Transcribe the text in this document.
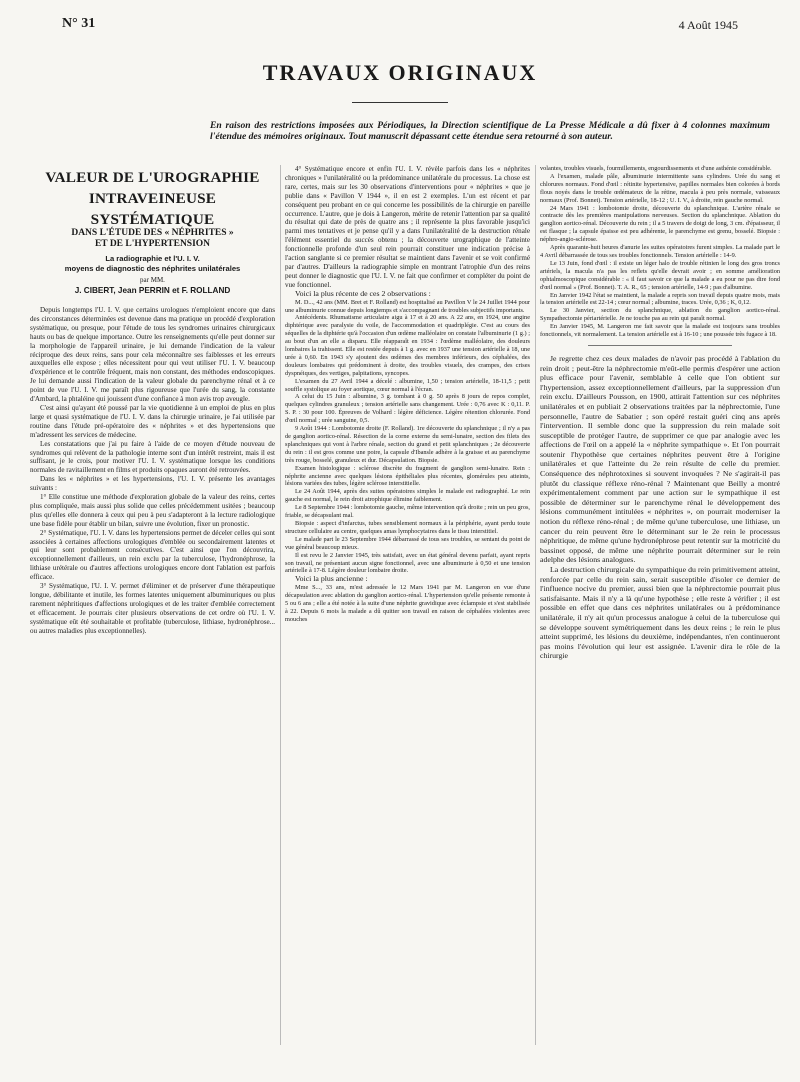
N° 31	4 Août 1945
TRAVAUX ORIGINAUX
En raison des restrictions imposées aux Périodiques, la Direction scientifique de La Presse Médicale a dû fixer à 4 colonnes maximum l'étendue des mémoires originaux. Tout manuscrit dépassant cette étendue sera retourné à son auteur.
VALEUR DE L'UROGRAPHIE
INTRAVEINEUSE
SYSTÉMATIQUE
DANS L'ÉTUDE DES « NÉPHRITES »
ET DE L'HYPERTENSION
La radiographie et l'U. I. V.
moyens de diagnostic des néphrites unilatérales
par MM.
J. CIBERT, Jean PERRIN et F. ROLLAND

Depuis longtemps l'U. I. V. que certains urologues n'emploient encore que dans des circonstances déterminées est devenue dans ma pratique un procédé d'exploration systématique, ou presque, pour l'étude de tous les syndromes urinaires chirurgicaux hauts ou bas de quelque importance. Outre les renseignements qu'elle peut donner sur la morphologie de l'appareil urinaire, je lui demande l'indication de la valeur réciproque des deux reins, sans pour cela méconnaître ses faiblesses et les erreurs auxquelles elle expose ; elles nécessitent pour qui veut utiliser l'U. I. V. beaucoup d'expérience et le contrôle fréquent, mais non constant, des méthodes endoscopiques. Je lui demande aussi l'indication de la valeur globale du parenchyme rénal et à ce point de vue l'U. I. V. me paraît plus rigoureuse que l'urée du sang, la constante d'Ambard, la phtaléine qui jouissent d'une confiance à mon avis trop aveugle.

C'est ainsi qu'ayant été poussé par la vie quotidienne à un emploi de plus en plus large et quasi systématique de l'U. I. V. dans la chirurgie urinaire, je l'ai utilisée par routine dans l'étude pré-opératoire des « néphrites » et des hypertensions que m'adressent les services de médecine.

Les constatations que j'ai pu faire à l'aide de ce moyen d'étude nouveau de syndromes qui relèvent de la pathologie interne sont d'un intérêt restreint, mais il est suffisant, je le crois, pour motiver l'U. I. V. systématique lorsque les conditions normales de ravitaillement en films et produits opaques auront été retrouvées.

Dans les « néphrites » et les hypertensions, l'U. I. V. présente les avantages suivants :

1° Elle constitue une méthode d'exploration globale de la valeur des reins, certes plus compliquée, mais aussi plus solide que celles précédemment usitées ; beaucoup plus qu'elles elle donnera à ceux qui peu à peu s'adapteront à la lecture radiologique une base fidèle pour établir un bilan, suivre une évolution, fixer un pronostic.

2° Systématique, l'U. I. V. dans les hypertensions permet de déceler celles qui sont associées à certaines affections urologiques d'emblée ou secondairement latentes et qui leur sont probablement consécutives. C'est ainsi que l'on découvrira, exceptionnellement d'ailleurs, un rein exclu par la tuberculose, l'hydronéphrose, la lithiase urétérale ou d'autres affections urologiques encore dont l'ablation est parfois efficace.

3° Systématique, l'U. I. V. permet d'éliminer et de préserver d'une thérapeutique longue, débilitante et inutile, les formes latentes uniquement albuminuriques ou plus rarement néphritiques d'affections urologiques et de les traiter d'emblée correctement et efficacement. Je pourrais citer plusieurs observations de cet ordre où l'U. I. V. systématique eût été souhaitable et profitable (tuberculose, lithiase, hydronéphrose... ou autres maladies plus exceptionnelles).

4° Systématique encore et enfin l'U. I. V. révèle parfois dans les « néphrites chroniques » l'unilatéralité ou la prédominance unilatérale du processus. La chose est rare, certes, mais sur les 30 observations d'interventions pour « néphrites » que je publie dans « Pavillon V 1944 », il en est 2 exemples. L'un est récent et par conséquent peu probant en ce qui concerne les possibilités de la chirurgie en pareille occurrence. L'autre, que je dois à Langeron, mérite de retenir l'attention par sa qualité du résultat qui date de près de quatre ans ; il représente la plus favorable jusqu'ici parmi mes tentatives et je pense qu'il y a dans l'unilatéralité de la destruction rénale l'élément essentiel du succès obtenu ; la découverte urographique de l'atteinte fonctionnelle profonde d'un seul rein pourrait constituer une indication précise à l'action sanglante si ce premier résultat se maintient dans l'avenir et se voit confirmé par d'autres. D'ailleurs la radiographie simple en montrant l'atrophie d'un des reins peut donner le diagnostic que l'U. I. V. ne fait que confirmer et compléter du point de vue fonctionnel.

Voici la plus récente de ces 2 observations :

M. D..., 42 ans (MM. Bret et F. Rolland) est hospitalisé au Pavillon V le 24 Juillet 1944 pour une albuminurie connue depuis longtemps et s'accompagnant de troubles subjectifs importants.

Antécédents. Rhumatisme articulaire aigu à 17 et à 20 ans. A 22 ans, en 1924, une angine diphtérique avec paralysie du voile, de l'accommodation et quadriplégie. C'est au cours des séquelles de la diphtérie qu'à l'occasion d'un œdème malléolaire on constate l'albuminurie (1 g.) ; au bout d'un an elle a disparu. Elle réapparaît en 1934 : l'œdème malléolaire, des douleurs lombaires la trahissent. Elle est restée depuis à 1 g. avec en 1937 une tension artérielle à 18, une urée à 0,60. En 1943 s'y ajoutent des œdèmes des membres inférieurs, des céphalées, des douleurs lombaires qui prédominent à droite, des troubles visuels, des crampes, des crises dyspnéiques, des vertiges, palpitations, syncopes.

L'examen du 27 Avril 1944 a décelé : albumine, 1,50 ; tension artérielle, 18-11,5 ; petit souffle systolique au foyer aortique, cœur normal à l'écran.

A celui du 15 Juin : albumine, 3 g. tombant à 0 g. 50 après 8 jours de repos complet, quelques cylindres granuleux ; tension artérielle sans changement. Urée : 0,76 avec K : 0,11. P. S. P. : 30 pour 100. Épreuves de Volhard : légère déficience. Légère rétention chlorurée. Fond d'œil normal ; urée sanguine, 0,5.

9 Août 1944 : Lombotomie droite (F. Rolland). 1re découverte du splanchnique ; il n'y a pas de ganglion aortico-rénal. Résection de la corne externe du semi-lunaire, section des filets des splanchniques qui vont à l'arbre rénale, section du grand et petit splanchniques ; 2e découverte du rein : il est gros comme une poire, la capsule d'Ibansle adhère à la graisse et au parenchyme très rouge, bosselé, granuleux et dur. Décapsulation. Biopsie.

Examen histologique : sclérose discrète du fragment de ganglion semi-lunaire. Rein : néphrite ancienne avec quelques lésions épithéliales plus récentes, glomérules peu atteints, lésions variées des tubes, légère sclérose interstitielle.

Le 24 Août 1944, après des suites opératoires simples le malade est radiographié. Le rein gauche est normal, le rein droit atrophique élimine faiblement.

Le 8 Septembre 1944 : lombotomie gauche, même intervention qu'à droite ; rein un peu gros, friable, se décapsulant mal.

Biopsie : aspect d'infarctus, tubes sensiblement normaux à la périphérie, ayant perdu toute structure cellulaire au centre, quelques amas lymphocytaires dans le tissu interstitiel.

Le malade part le 23 Septembre 1944 débarrassé de tous ses troubles, se sentant du point de vue général beaucoup mieux.

Il est revu le 2 Janvier 1945, très satisfait, avec un état général devenu parfait, ayant repris son travail, ne présentant aucun signe fonctionnel, avec une albuminurie à 0,50 et une tension artérielle à 17-8. Légère douleur lombaire droite.

Voici la plus ancienne :

Mme S..., 33 ans, m'est adressée le 12 Mars 1941 par M. Langeron en vue d'une décapsulation avec ablation du ganglion aortico-rénal. L'hypertension qu'elle présente remonte à 5 ou 6 ans ; elle a été notée à la suite d'une néphrite gravidique avec éclampsie et s'est stabilisée à 22. Depuis 6 mois la malade a dû quitter son travail en raison de céphalées violentes avec mouches

volantes, troubles visuels, fourmillements, engourdissements et d'une asthénie considérable.

A l'examen, malade pâle, albuminurie intermittente sans cylindres. Urée du sang et chlorures normaux. Fond d'œil : rétinite hypertensive, papilles normales bien colorées à bords flous noyés dans le trouble œdémateux de la rétine, macula à peu près normale, vaisseaux normaux (Prof. Bonnet). Tension artérielle, 18-12 ; U. I. V., à droite, rein gauche normal.

24 Mars 1941 : lombotomie droite, découverte du splanchnique. L'artère rénale se contracte dès les premières manipulations nerveuses. Section du splanchnique. Ablation du ganglion aortico-rénal. Découverte du rein ; il a 5 travers de doigt de long, 3 cm. d'épaisseur, il est flasque ; la capsule épaisse est peu adhérente, le parenchyme est grenu, bosselé. Biopsie : néphro-angio-sclérose.

Après quarante-huit heures d'anurie les suites opératoires furent simples. La malade part le 4 Avril débarrassée de tous ses troubles fonctionnels. Tension artérielle : 14-9.

Le 13 Juin, fond d'œil : il existe un léger halo de trouble rétinien le long des gros troncs artériels, la macula n'a pas les reflets qu'elle devrait avoir ; en somme amélioration ophtalmoscopique considérable : « il faut savoir ce que la malade a eu pour ne pas dire fond d'œil normal » (Prof. Bonnet). T. A. R., 65 ; tension artérielle, 14-9 ; pas d'albumine.

En Janvier 1942 l'état se maintient, la malade a repris son travail depuis quatre mois, mais la tension artérielle est 22-14 ; cœur normal ; albumine, traces. Urée, 0,36 ; K, 0,12.

Le 30 Janvier, section du splanchnique, ablation du ganglion aortico-rénal. Sympathectomie périartérielle. Je ne touche pas au rein qui paraît normal.

En Janvier 1945, M. Langeron me fait savoir que la malade est toujours sans troubles fonctionnels, vit normalement. La tension artérielle est à 16-10 ; une poussée très fugace à 18.

Je regrette chez ces deux malades de n'avoir pas procédé à l'ablation du rein droit ; peut-être la néphrectomie m'eût-elle permis d'espérer une action plus efficace pour l'avenir, semblable à celle que l'on obtient sur l'hypertension, assez exceptionnellement d'ailleurs, par la suppression d'un rein exclu. D'ailleurs Pousson, en 1900, attirait l'attention sur ces néphrites unilatérales et en publiait 2 observations traitées par la néphrectomie, l'une personnelle, l'autre de Sabatier ; son opéré restait guéri cinq ans après l'intervention. Il semble donc que la suppression du rein malade soit susceptible de protéger l'autre, de supprimer ce que par analogie avec les affections de l'œil on a appelé la « néphrite sympathique ». Et l'on pourrait soutenir l'hypothèse que certaines néphrites peuvent être à l'origine unilatérales et que l'atteinte du 2e rein résulte de celle du premier. Conséquence des néphrotoxines si souvent invoquées ? Ne s'agirait-il pas plutôt du classique réflexe réno-rénal ? Maintenant que Beilly a montré expérimentalement comment par une action sur le sympathique il est possible de déterminer sur le parenchyme rénal le développement des lésions communément intitulées « néphrites », on pourrait moderniser la notion du réflexe réno-rénal ; de même qu'une tuberculose, une lithiase, un cancer du rein peuvent être le déterminant sur le 2e rein le processus néphritique, de même qu'une hydronéphrose peut retentir sur la motricité du bassinet opposé, de même une néphrite pourrait déterminer sur le rein adelphe des lésions analogues.

La destruction chirurgicale du sympathique du rein primitivement atteint, renforcée par celle du rein sain, serait susceptible d'isoler ce dernier de l'influence nocive du premier, aussi bien que la néphrectomie pourrait plus satisfaisante. Mais il n'y a là qu'une hypothèse ; elle reste à vérifier ; il est possible en effet que dans ces néphrites unilatérales ou à prédominance unilatérale, il n'y ait qu'un processus analogue à celui de la tuberculose qui se développe souvent symétriquement dans les deux reins ; le rein le plus atteint supprimé, les lésions du deuxième, indépendantes, n'en continueront pas moins l'évolution qui leur est assignée. L'avenir dira le rôle de la chirurgie
